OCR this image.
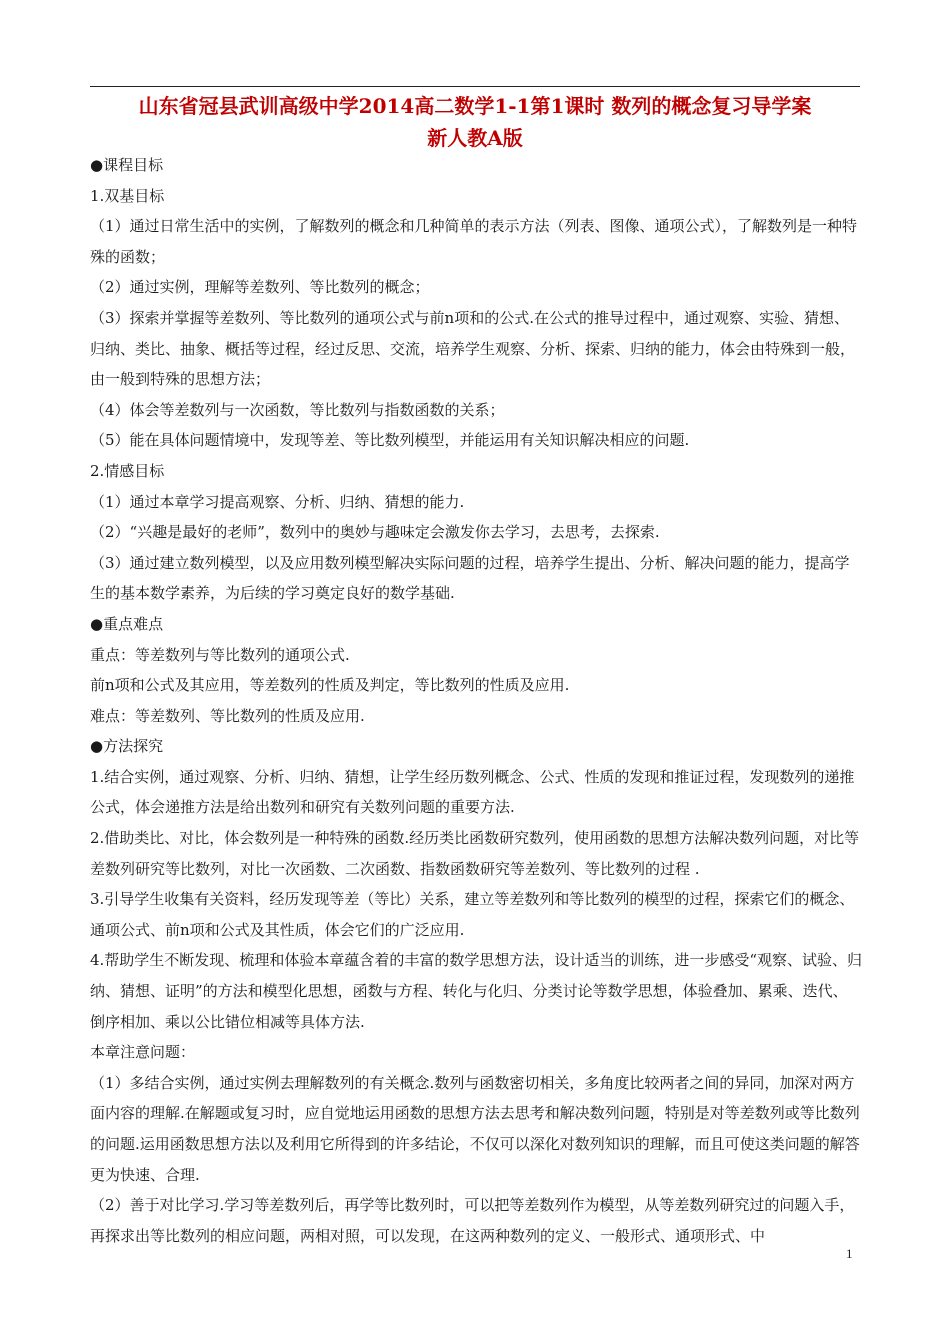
山东省冠县武训高级中学2014高二数学1-1第1课时 数列的概念复习导学案
新人教A版

●课程目标

1.双基目标

（1）通过日常生活中的实例，了解数列的概念和几种简单的表示方法（列表、图像、通项公式），了解数列是一种特殊的函数；

（2）通过实例，理解等差数列、等比数列的概念；

（3）探索并掌握等差数列、等比数列的通项公式与前n项和的公式.在公式的推导过程中，通过观察、实验、猜想、归纳、类比、抽象、概括等过程，经过反思、交流，培养学生观察、分析、探索、归纳的能力，体会由特殊到一般，由一般到特殊的思想方法；

（4）体会等差数列与一次函数，等比数列与指数函数的关系；

（5）能在具体问题情境中，发现等差、等比数列模型，并能运用有关知识解决相应的问题.

2.情感目标

（1）通过本章学习提高观察、分析、归纳、猜想的能力.

（2）“兴趣是最好的老师”，数列中的奥妙与趣味定会激发你去学习，去思考，去探索.

（3）通过建立数列模型，以及应用数列模型解决实际问题的过程，培养学生提出、分析、解决问题的能力，提高学生的基本数学素养，为后续的学习奠定良好的数学基础.

●重点难点

重点：等差数列与等比数列的通项公式.

前n项和公式及其应用，等差数列的性质及判定，等比数列的性质及应用.

难点：等差数列、等比数列的性质及应用.

●方法探究

1.结合实例，通过观察、分析、归纳、猜想，让学生经历数列概念、公式、性质的发现和推证过程，发现数列的递推公式，体会递推方法是给出数列和研究有关数列问题的重要方法.

2.借助类比、对比，体会数列是一种特殊的函数.经历类比函数研究数列，使用函数的思想方法解决数列问题，对比等差数列研究等比数列，对比一次函数、二次函数、指数函数研究等差数列、等比数列的过程 .

3.引导学生收集有关资料，经历发现等差（等比）关系，建立等差数列和等比数列的模型的过程，探索它们的概念、通项公式、前n项和公式及其性质，体会它们的广泛应用.

4.帮助学生不断发现、梳理和体验本章蕴含着的丰富的数学思想方法，设计适当的训练，进一步感受“观察、试验、归纳、猜想、证明”的方法和模型化思想，函数与方程、转化与化归、分类讨论等数学思想，体验叠加、累乘、迭代、倒序相加、乘以公比错位相减等具体方法.

本章注意问题：

（1）多结合实例，通过实例去理解数列的有关概念.数列与函数密切相关，多角度比较两者之间的异同，加深对两方面内容的理解.在解题或复习时，应自觉地运用函数的思想方法去思考和解决数列问题，特别是对等差数列或等比数列的问题.运用函数思想方法以及利用它所得到的许多结论，不仅可以深化对数列知识的理解，而且可使这类问题的解答更为快速、合理.

（2）善于对比学习.学习等差数列后，再学等比数列时，可以把等差数列作为模型，从等差数列研究过的问题入手，再探求出等比数列的相应问题，两相对照，可以发现，在这两种数列的定义、一般形式、通项形式、中

1
